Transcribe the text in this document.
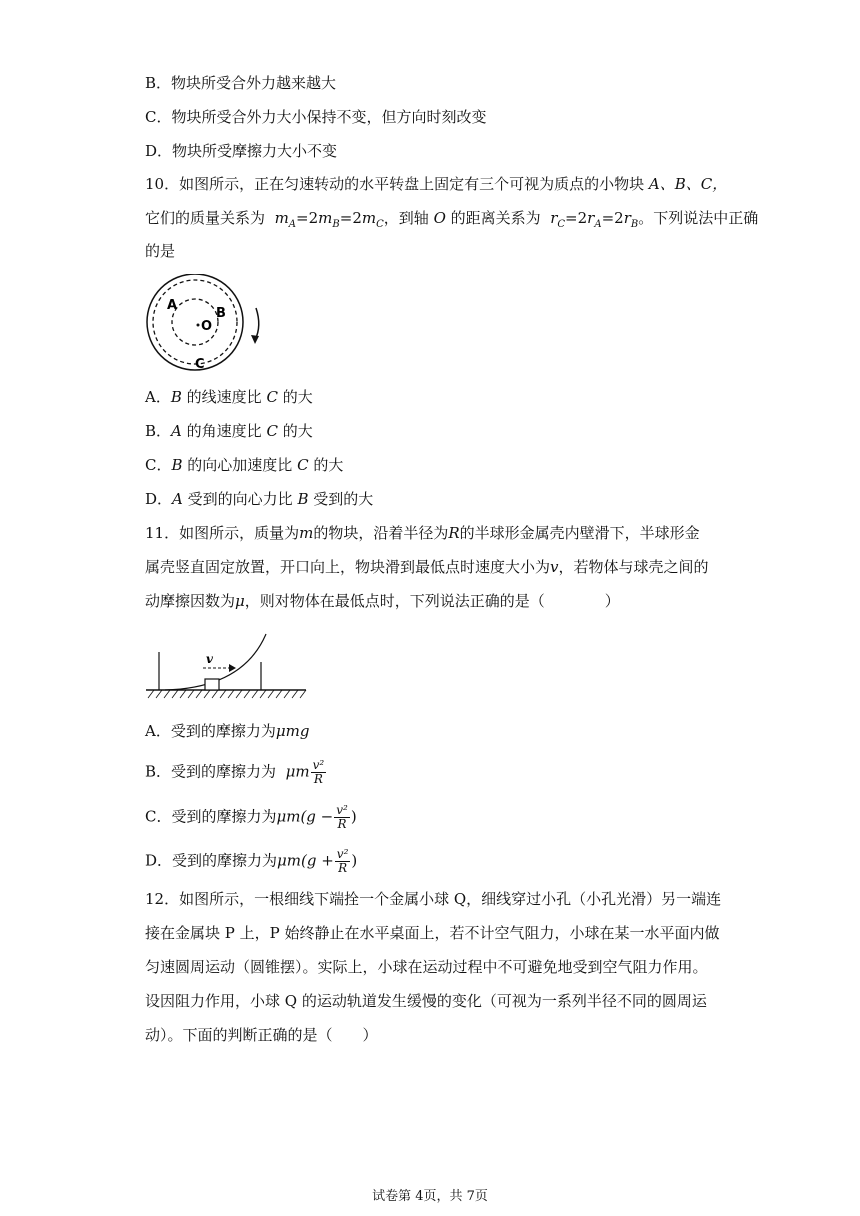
B．物块所受合外力越来越大
C．物块所受合外力大小保持不变，但方向时刻改变
D．物块所受摩擦力大小不变
10．如图所示，正在匀速转动的水平转盘上固定有三个可视为质点的小物块 A、B、C，
它们的质量关系为 $m_A=2m_B=2m_C$，到轴 O 的距离关系为 $r_C=2r_A=2r_B$。下列说法中正确
的是
A
B
O
C
A．B 的线速度比 C 的大
B．A 的角速度比 C 的大
C．B 的向心加速度比 C 的大
D．A 受到的向心力比 B 受到的大
11．如图所示，质量为m的物块，沿着半径为R的半球形金属壳内壁滑下，半球形金
属壳竖直固定放置，开口向上，物块滑到最低点时速度大小为v，若物体与球壳之间的
动摩擦因数为μ，则对物体在最低点时，下列说法正确的是（　　　　）
v
A．受到的摩擦力为μmg
B．受到的摩擦力为 μm $\frac{\text{v²}}{R}$
C．受到的摩擦力为$\mu m(g - \frac{\text{v²}}{R}$ )
D．受到的摩擦力为$\mu m(g + \frac{\text{v²}}{R}$ )
12．如图所示，一根细线下端拴一个金属小球 Q，细线穿过小孔（小孔光滑）另一端连
接在金属块 P 上，P 始终静止在水平桌面上，若不计空气阻力，小球在某一水平面内做
匀速圆周运动（圆锥摆）。实际上，小球在运动过程中不可避免地受到空气阻力作用。
设因阻力作用，小球 Q 的运动轨道发生缓慢的变化（可视为一系列半径不同的圆周运
动）。下面的判断正确的是（　　）
试卷第 4页，共 7页
